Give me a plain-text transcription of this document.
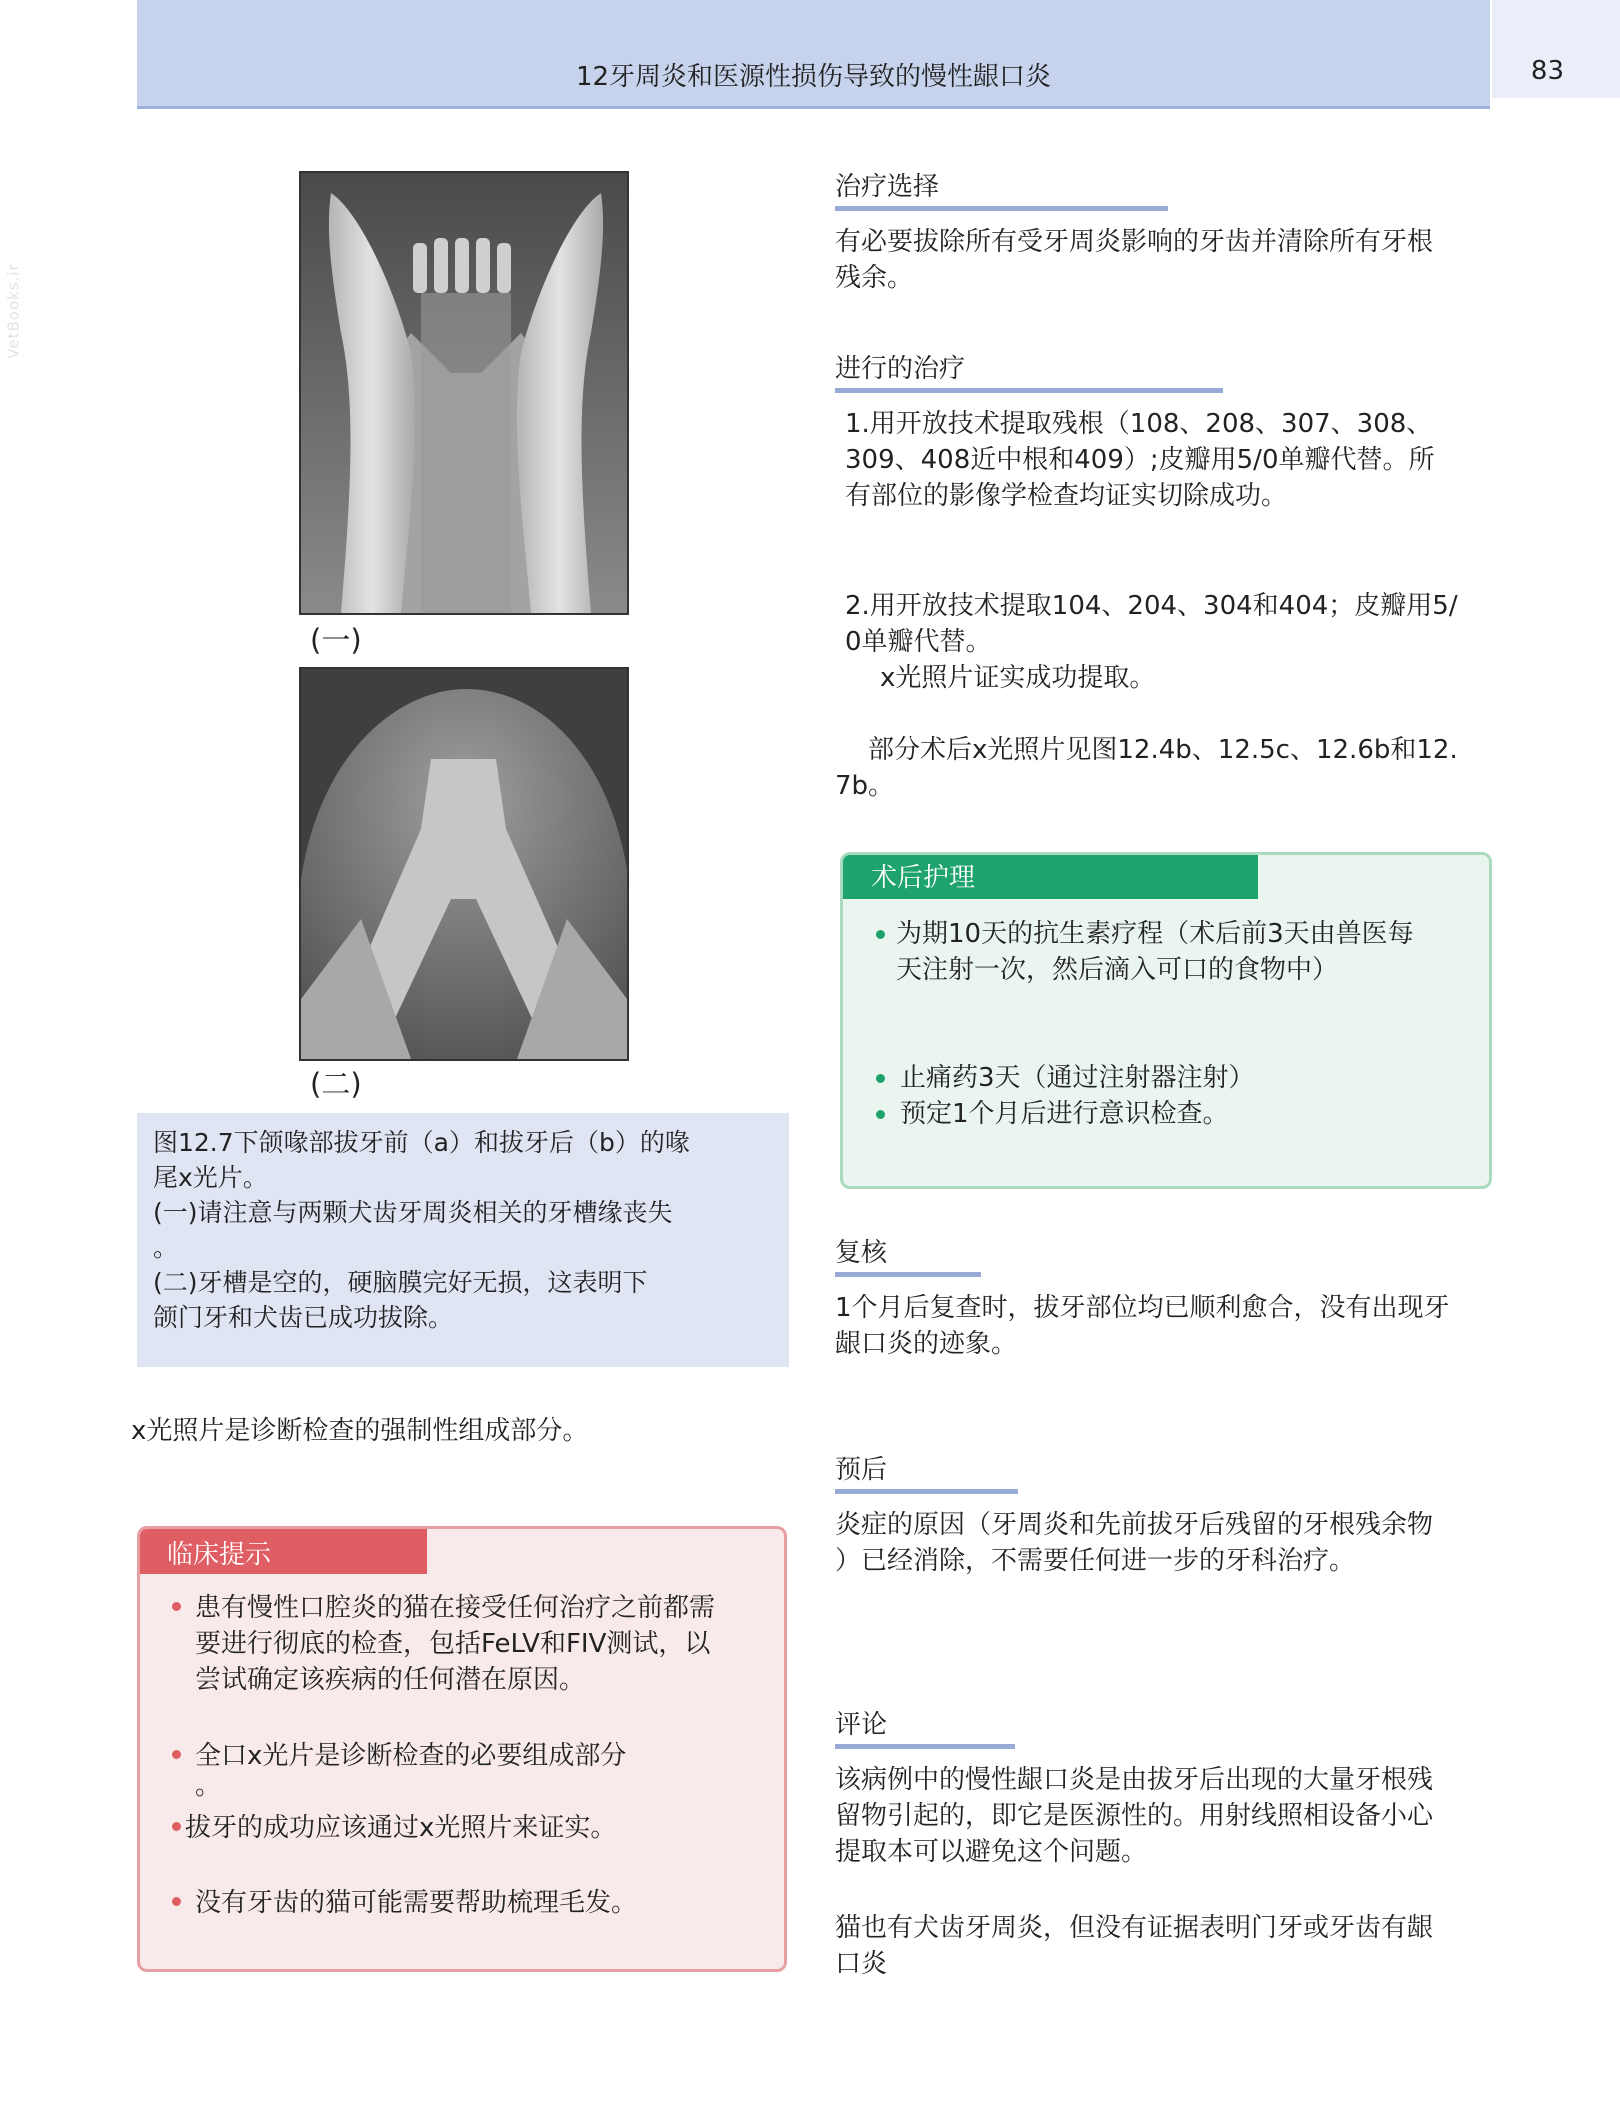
12牙周炎和医源性损伤导致的慢性龈口炎	83
VetBooks.ir
(一)
(二)

图12.7下颌喙部拔牙前（a）和拔牙后（b）的喙

尾x光片。

(一)请注意与两颗犬齿牙周炎相关的牙槽缘丧失

。

(二)牙槽是空的，硬脑膜完好无损，这表明下

颌门牙和犬齿已成功拔除。

x光照片是诊断检查的强制性组成部分。
临床提示
患有慢性口腔炎的猫在接受任何治疗之前都需
要进行彻底的检查，包括FeLV和FIV测试，以
尝试确定该疾病的任何潜在原因。
全口x光片是诊断检查的必要组成部分
。
拔牙的成功应该通过x光照片来证实。
没有牙齿的猫可能需要帮助梳理毛发。
治疗选择
有必要拔除所有受牙周炎影响的牙齿并清除所有牙根
残余。
进行的治疗
1.用开放技术提取残根（108、208、307、308、
309、408近中根和409）;皮瓣用5/0单瓣代替。所
有部位的影像学检查均证实切除成功。
2.用开放技术提取104、204、304和404；皮瓣用5/
0单瓣代替。
x光照片证实成功提取。
部分术后x光照片见图12.4b、12.5c、12.6b和12.
7b。
术后护理
为期10天的抗生素疗程（术后前3天由兽医每
天注射一次，然后滴入可口的食物中）
止痛药3天（通过注射器注射）
预定1个月后进行意识检查。
复核
1个月后复查时，拔牙部位均已顺利愈合，没有出现牙
龈口炎的迹象。
预后
炎症的原因（牙周炎和先前拔牙后残留的牙根残余物
）已经消除，不需要任何进一步的牙科治疗。
评论
该病例中的慢性龈口炎是由拔牙后出现的大量牙根残
留物引起的，即它是医源性的。用射线照相设备小心
提取本可以避免这个问题。
猫也有犬齿牙周炎，但没有证据表明门牙或牙齿有龈
口炎
